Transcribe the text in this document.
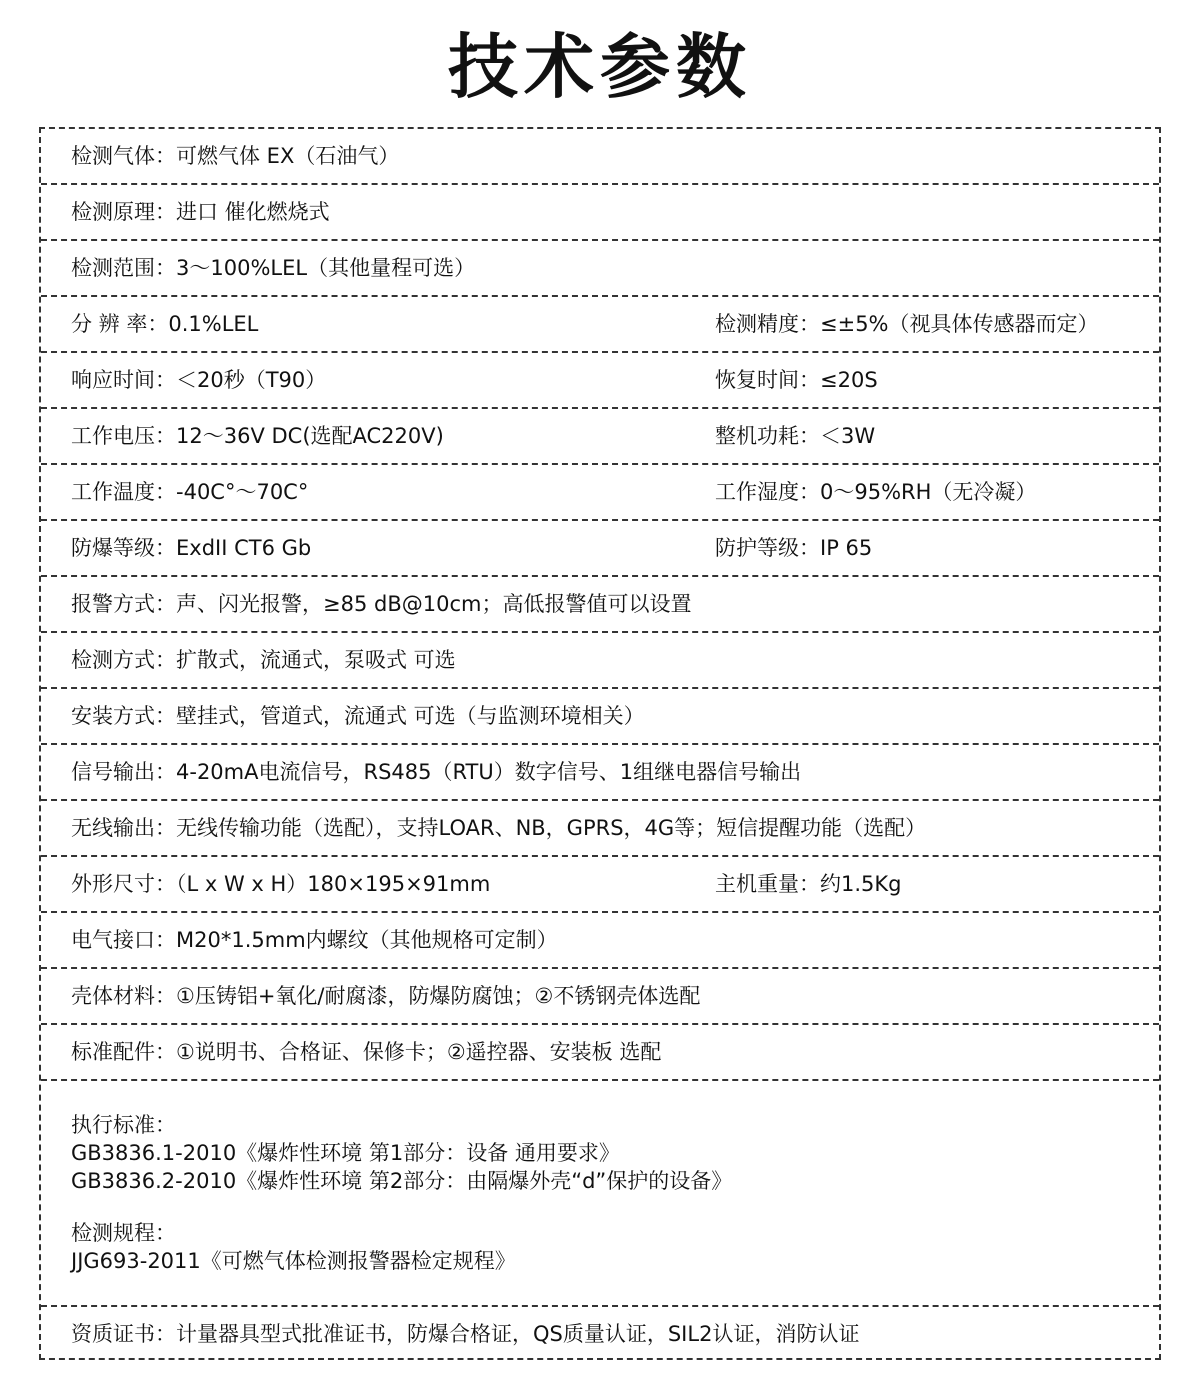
技术参数
检测气体：可燃气体 EX（石油气）
检测原理：进口 催化燃烧式
检测范围：3～100%LEL（其他量程可选）
分 辨 率：0.1%LEL	检测精度：≤±5%（视具体传感器而定）
响应时间：＜20秒（T90）	恢复时间：≤20S
工作电压：12～36V DC(选配AC220V)	整机功耗：＜3W
工作温度：-40C°～70C°	工作湿度：0～95%RH（无冷凝）
防爆等级：ExdII CT6 Gb	防护等级：IP 65
报警方式：声、闪光报警，≥85 dB@10cm；高低报警值可以设置
检测方式：扩散式，流通式，泵吸式 可选
安装方式：壁挂式，管道式，流通式 可选（与监测环境相关）
信号输出：4-20mA电流信号，RS485（RTU）数字信号、1组继电器信号输出
无线输出：无线传输功能（选配），支持LOAR、NB，GPRS，4G等；短信提醒功能（选配）
外形尺寸：（L x W x H）180×195×91mm	主机重量：约1.5Kg
电气接口：M20*1.5mm内螺纹（其他规格可定制）
壳体材料：①压铸铝+氧化/耐腐漆，防爆防腐蚀；②不锈钢壳体选配
标准配件：①说明书、合格证、保修卡；②遥控器、安装板 选配
执行标准：
GB3836.1-2010《爆炸性环境 第1部分：设备 通用要求》
GB3836.2-2010《爆炸性环境 第2部分：由隔爆外壳“d”保护的设备》
检测规程：
JJG693-2011《可燃气体检测报警器检定规程》
资质证书：计量器具型式批准证书，防爆合格证，QS质量认证，SIL2认证，消防认证
